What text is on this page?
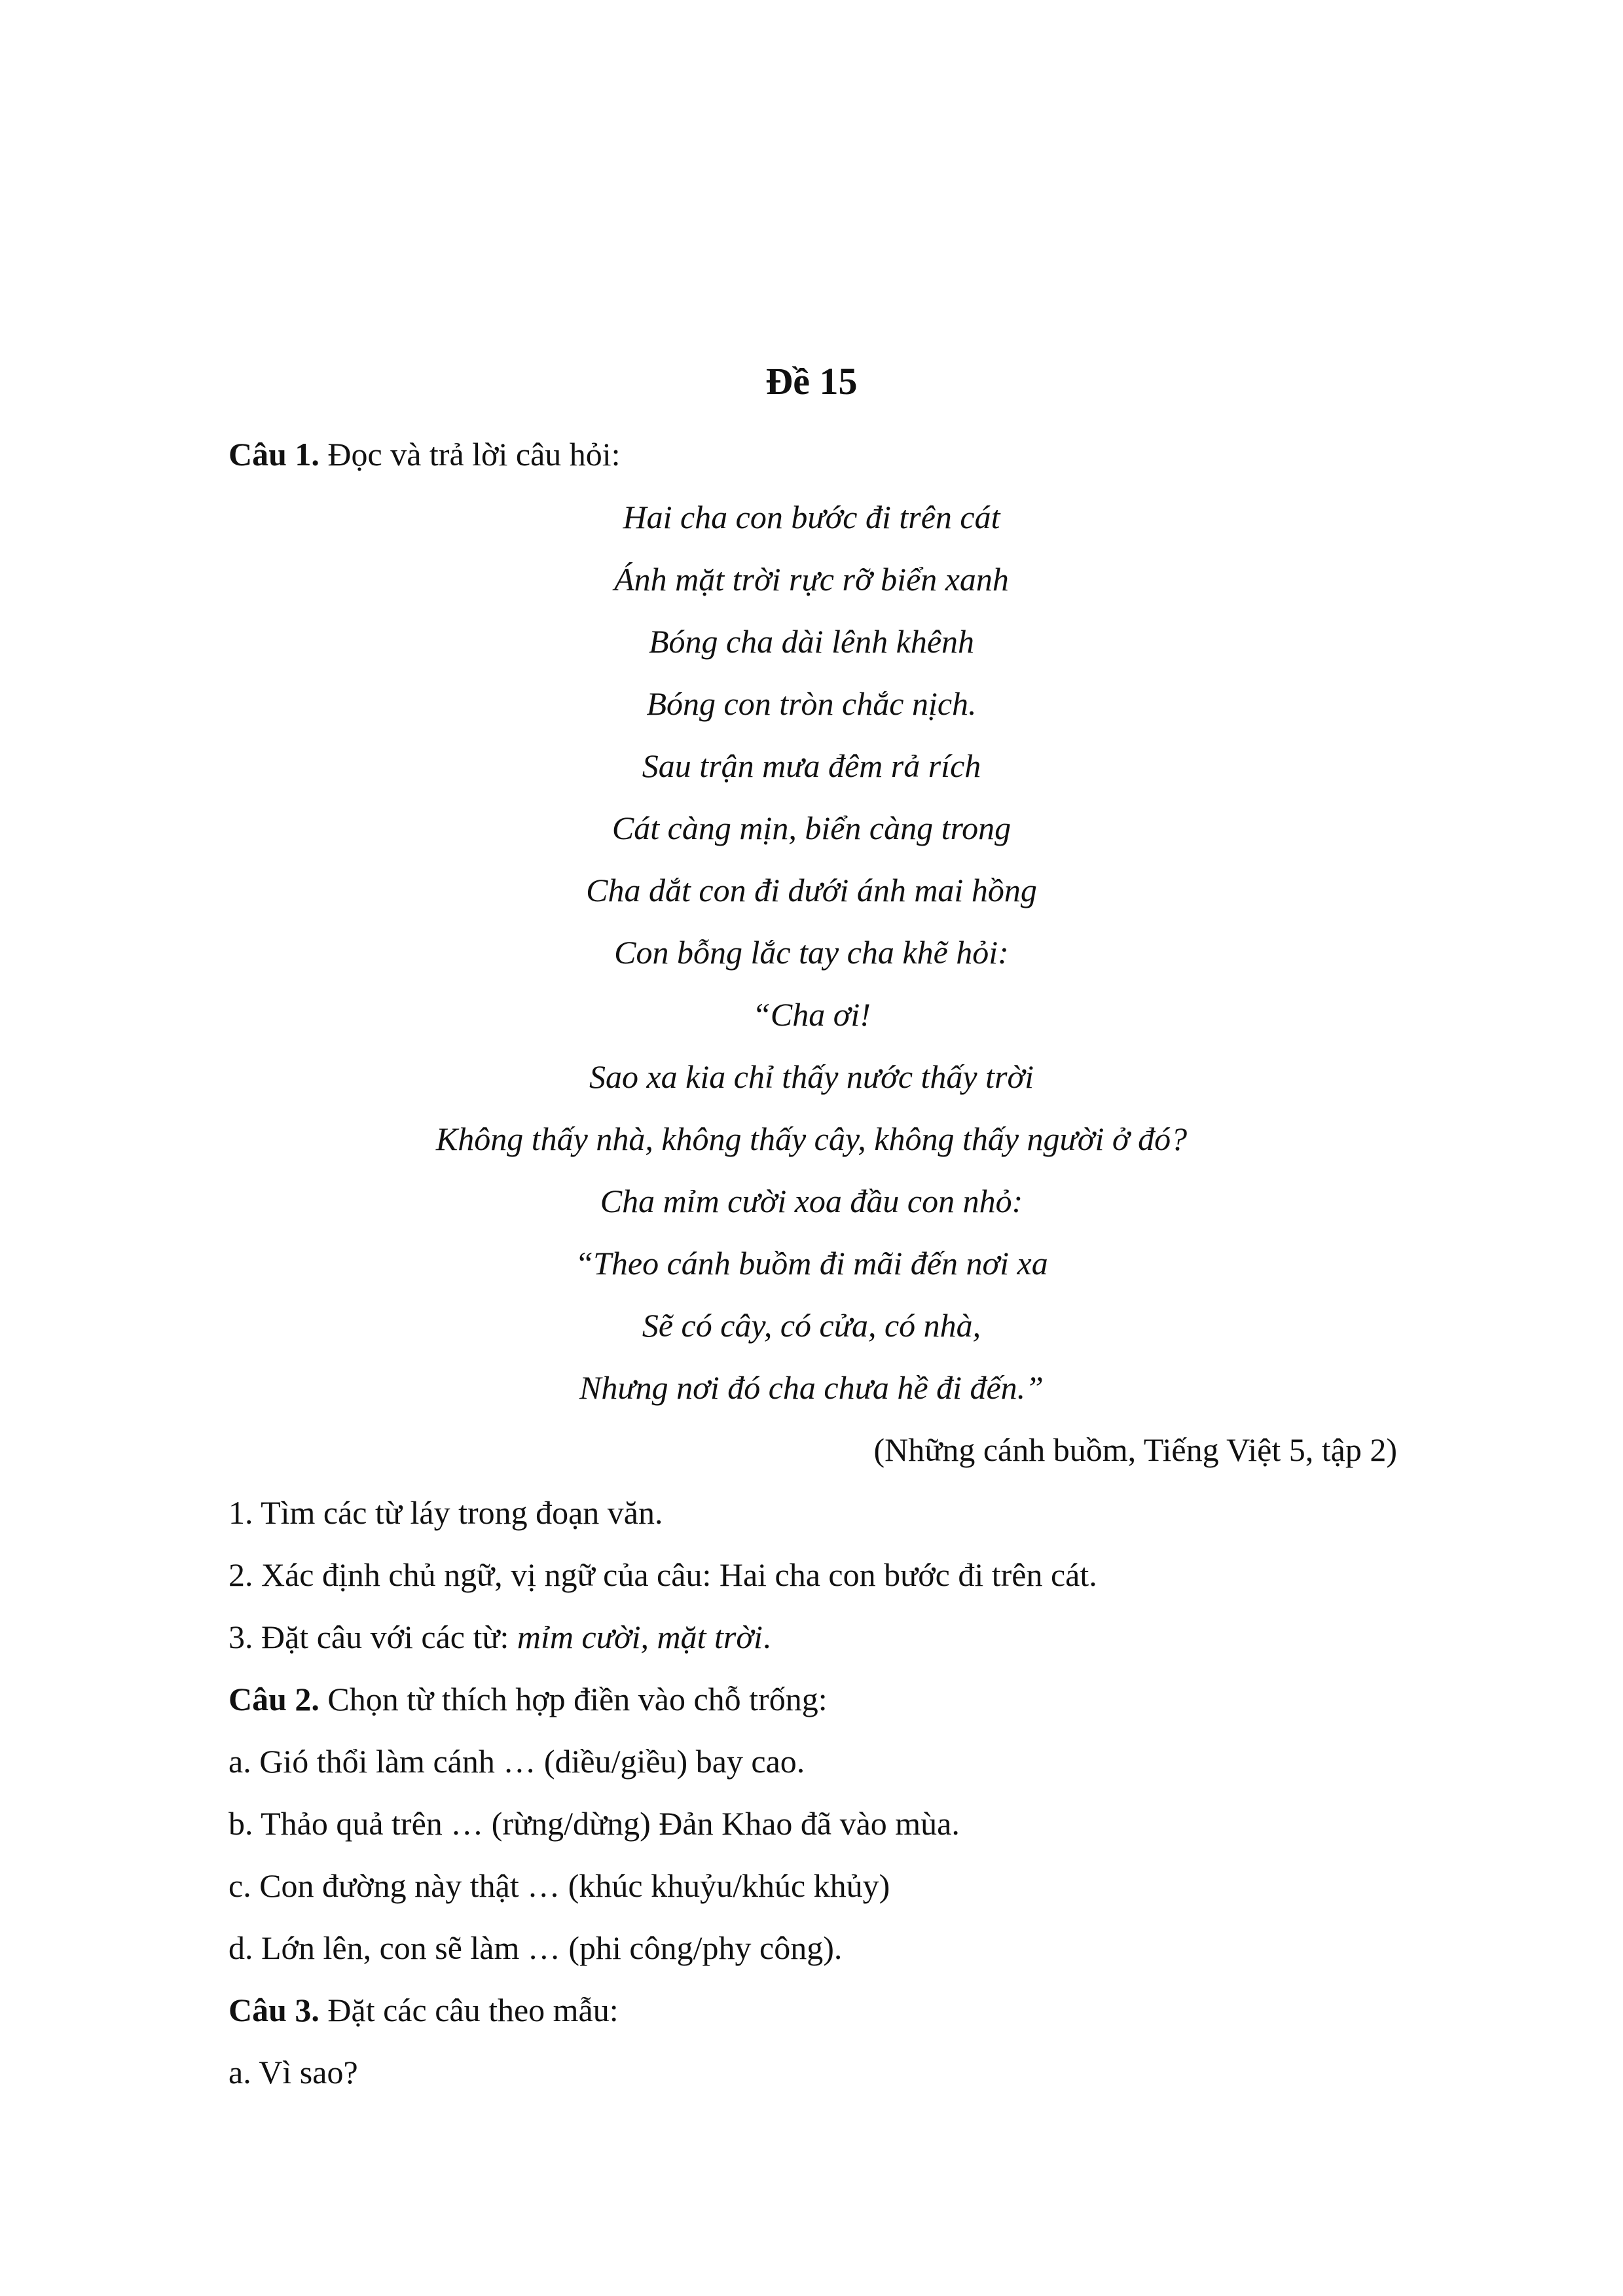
Đề 15
Câu 1. Đọc và trả lời câu hỏi:
Hai cha con bước đi trên cát
Ánh mặt trời rực rỡ biển xanh
Bóng cha dài lênh khênh
Bóng con tròn chắc nịch.
Sau trận mưa đêm rả rích
Cát càng mịn, biển càng trong
Cha dắt con đi dưới ánh mai hồng
Con bỗng lắc tay cha khẽ hỏi:
“Cha ơi!
Sao xa kia chỉ thấy nước thấy trời
Không thấy nhà, không thấy cây, không thấy người ở đó?
Cha mỉm cười xoa đầu con nhỏ:
“Theo cánh buồm đi mãi đến nơi xa
Sẽ có cây, có cửa, có nhà,
Nhưng nơi đó cha chưa hề đi đến.”
(Những cánh buồm, Tiếng Việt 5, tập 2)
1. Tìm các từ láy trong đoạn văn.
2. Xác định chủ ngữ, vị ngữ của câu: Hai cha con bước đi trên cát.
3. Đặt câu với các từ: mỉm cười, mặt trời.
Câu 2. Chọn từ thích hợp điền vào chỗ trống:
a. Gió thổi làm cánh … (diều/giều) bay cao.
b. Thảo quả trên … (rừng/dừng) Đản Khao đã vào mùa.
c. Con đường này thật … (khúc khuỷu/khúc khủy)
d. Lớn lên, con sẽ làm … (phi công/phy công).
Câu 3. Đặt các câu theo mẫu:
a. Vì sao?
